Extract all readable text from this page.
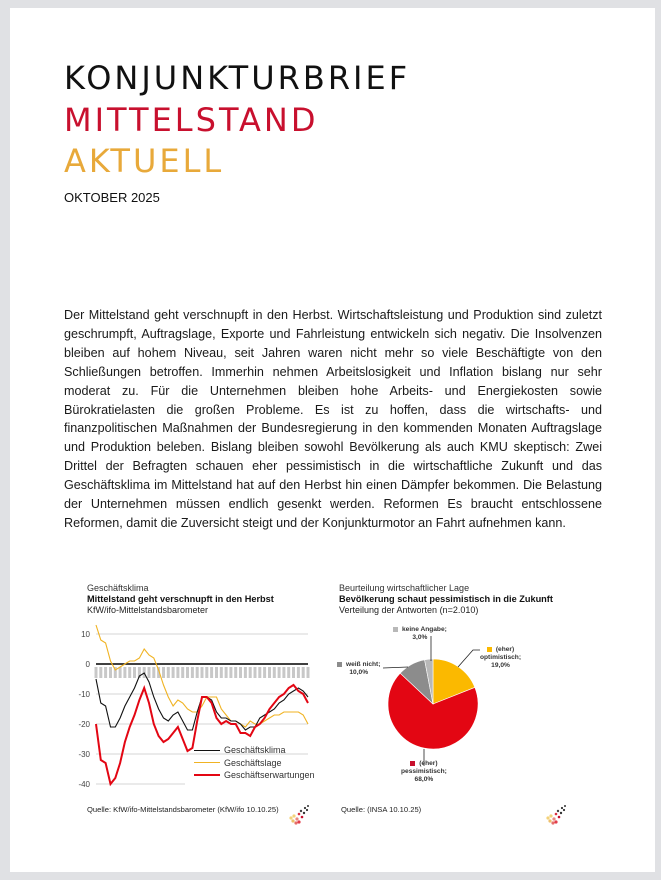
KONJUNKTURBRIEF
MITTELSTAND
AKTUELL
OKTOBER 2025
Der Mittelstand geht verschnupft in den Herbst. Wirtschaftsleistung und Produktion sind zuletzt geschrumpft, Auftragslage, Exporte und Fahrleistung entwickeln sich negativ. Die Insolvenzen bleiben auf hohem Niveau, seit Jahren waren nicht mehr so viele Beschäftigte von den Schließungen betroffen. Immerhin nehmen Arbeitslosigkeit und Inflation bislang nur sehr moderat zu. Für die Unternehmen bleiben hohe Arbeits- und Energiekosten sowie Bürokratielasten die großen Probleme. Es ist zu hoffen, dass die wirtschafts- und finanzpolitischen Maßnahmen der Bundesregierung in den kommenden Monaten Auftragslage und Produktion beleben. Bislang bleiben sowohl Bevölkerung als auch KMU skeptisch: Zwei Drittel der Befragten schauen eher pessimistisch in die wirtschaftliche Zukunft und das Geschäftsklima im Mittelstand hat auf den Herbst hin einen Dämpfer bekommen. Die Belastung der Unternehmen müssen endlich gesenkt werden. Reformen Es braucht entschlossene Reformen, damit die Zuversicht steigt und der Konjunkturmotor an Fahrt aufnehmen kann.
Geschäftsklima
Mittelstand geht verschnupft in den Herbst
KfW/ifo-Mittelstandsbarometer
10
0
-10
-20
-30
-40
Geschäftsklima
Geschäftslage
Geschäftserwartungen
Quelle: KfW/ifo-Mittelstandsbarometer (KfW/ifo 10.10.25)
Beurteilung wirtschaftlicher Lage
Bevölkerung schaut pessimistisch in die Zukunft
Verteilung der Antworten (n=2.010)
keine Angabe;
3,0%
weiß nicht;
10,0%
(eher)
optimistisch;
19,0%
(eher)
pessimistisch;
68,0%
Quelle: (INSA 10.10.25)
